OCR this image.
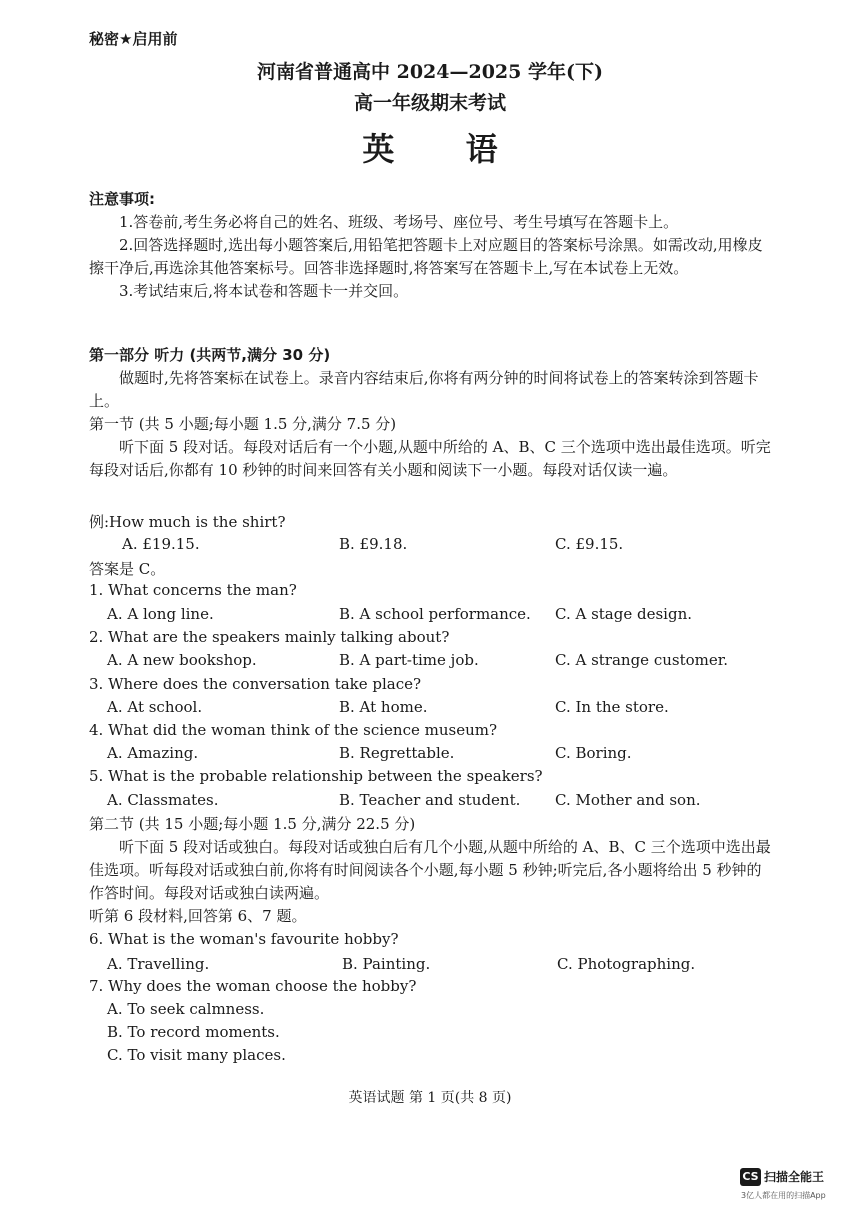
秘密★启用前
河南省普通高中 2024—2025 学年(下)
高一年级期末考试
英 语

注意事项:

1.答卷前,考生务必将自己的姓名、班级、考场号、座位号、考生号填写在答题卡上。

2.回答选择题时,选出每小题答案后,用铅笔把答题卡上对应题目的答案标号涂黑。如需改动,用橡皮擦干净后,再选涂其他答案标号。回答非选择题时,将答案写在答题卡上,写在本试卷上无效。

3.考试结束后,将本试卷和答题卡一并交回。

第一部分 听力 (共两节,满分 30 分)

做题时,先将答案标在试卷上。录音内容结束后,你将有两分钟的时间将试卷上的答案转涂到答题卡上。

第一节 (共 5 小题;每小题 1.5 分,满分 7.5 分)

听下面 5 段对话。每段对话后有一个小题,从题中所给的 A、B、C 三个选项中选出最佳选项。听完每段对话后,你都有 10 秒钟的时间来回答有关小题和阅读下一小题。每段对话仅读一遍。

例:How much is the shirt?
A. £19.15.	B. £9.18.	C. £9.15.
答案是 C。
1. What concerns the man?
A. A long line.	B. A school performance. C. A stage design.
2. What are the speakers mainly talking about?
A. A new bookshop.	B. A part-time job.	C. A strange customer.
3. Where does the conversation take place?
A. At school.	B. At home.	C. In the store.
4. What did the woman think of the science museum?
A. Amazing.	B. Regrettable.	C. Boring.
5. What is the probable relationship between the speakers?
A. Classmates.	B. Teacher and student. C. Mother and son.

第二节 (共 15 小题;每小题 1.5 分,满分 22.5 分)

听下面 5 段对话或独白。每段对话或独白后有几个小题,从题中所给的 A、B、C 三个选项中选出最佳选项。听每段对话或独白前,你将有时间阅读各个小题,每小题 5 秒钟;听完后,各小题将给出 5 秒钟的作答时间。每段对话或独白读两遍。

听第 6 段材料,回答第 6、7 题。

6. What is the woman's favourite hobby?
A. Travelling.	B. Painting.	C. Photographing.
7. Why does the woman choose the hobby?
A. To seek calmness.
B. To record moments.
C. To visit many places.
英语试题 第 1 页(共 8 页)
CS 扫描全能王
3亿人都在用的扫描App
